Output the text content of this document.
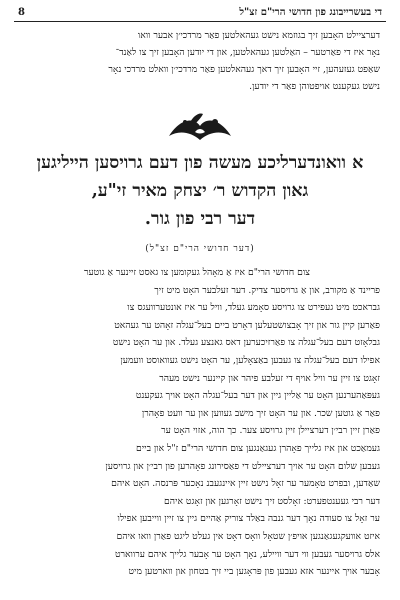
די בעשרייבונג פון חדושי הרי"ם זצ"ל
8
דערציילט האָבען זיך בגוזמא נישט געהאלטען פאַר מרדכי׳ן אבער וואו
נאָר איז די פאַרטער – האַלטען געהאלטען, און די יודען האָבען זיך צו לאַנד־
שאַפט געזעהען, זיי האָבען זיך דאך געהאלטען פאַר מרדכי׳ן וואלט מרדכי נאָר
נישט געקענט אויפטוהן פאַר די יודען.
א וואונדערליכע מעשה פון דעם גרויסען הייליגען
גאון הקדוש ר׳ יצחק מאיר זי"ע,
דער רבי פון גור.
(דער חדושי הרי"ם זצ"ל)
צום חדושי הרי"ם איז אַ מאָהל געקומען צו גאסט זיינער אַ גוטער
פריינד אַ מקורב, און אַ גרויסער צדיק. דער זעלבער האָט מיט זיך
גבראכט מיט געפירט צו גרויסע סאָמע געלד, וויל ער איז אונטערוועגס צו
פאַרען קיין גור און זיך אָבצושטעלען דאָרט ביים בעל־עגלה זאָהט ער געהאט
גבלאָזט דעם בעל־עגלה צו פאַרזיכערען דאס גאנצע געלד. און ער האָט נישט
אפילו דעם בעל־עגלה צו געבען באַצאָלען, ער האָט נישט געוואוסט וועמען
זאָגט צו זיין ער וויל אויף די זעלבע פיהר און קיינער נישט מעהר
געפּאַהערנען האָט ער אַליין גיין און דער בעל־עגלה האָט אויך געקענט
פאַר אַ גוטען שכר. און ער האָט זיך מישב געווען און ער וועט פאָהרן
פאַרן זיין רבי׳ן דערציילן זיין גרויסע צער. כך הוה, אזוי האָט ער
געמאַכט און איז גלייך פאָהרן געגאַנגען צום חדושי הרי"ם ז"ל און ביים
געבען שלום האָט ער אויך דערציילט די פאַסירונג פאָהרען פון רבי׳ן און גרויסען
שאַדען, ובפרט טאָמער ער זאָל נישט זיין איינגעבנ נאָכער פּרנסה. האָט איהם
דער רבי געענטפערט: זאָלסט זיך נישט זאָרגען און זאָגט איהם
ער זאָל צו סעודה נאָך דער גנבה באַלד צוריק אַהיים גיין צו זיין ווייבען אפילו
איזט אוועקגעגאַנגען אויפ׳ן שטאָל וואָס דאָט אין געלט ליגט פאַרן וואו איהם
אלס גרויסער געבען ווי דער וויילע, נאָך האָט ער אָבער גלייך איהם ערווארט
אָבער אויך איינער אזא געבען פון פּראָגען ביי זיך בטחון און ווארטען מיט
